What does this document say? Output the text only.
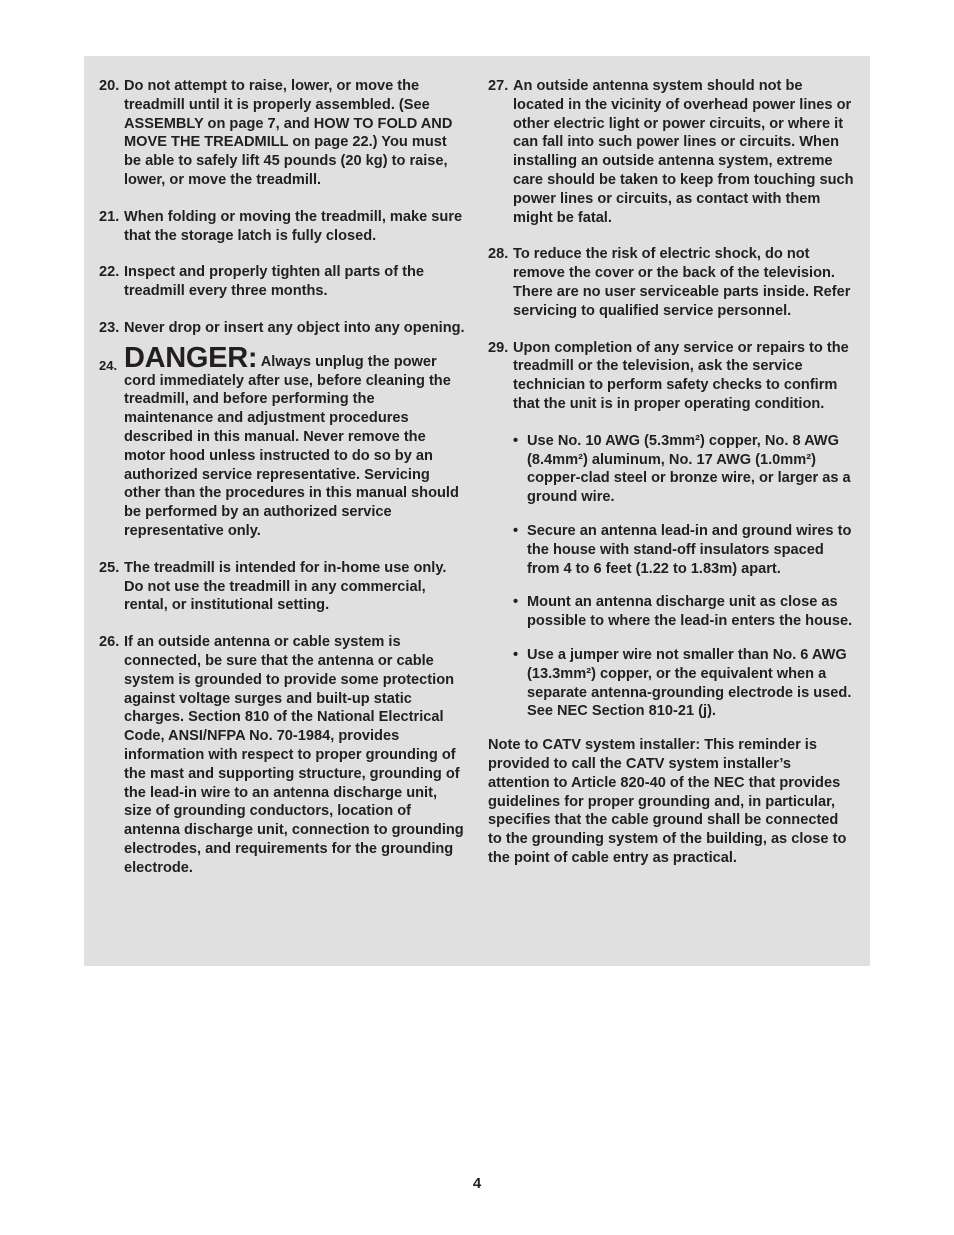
20. Do not attempt to raise, lower, or move the treadmill until it is properly assembled. (See ASSEMBLY on page 7, and HOW TO FOLD AND MOVE THE TREADMILL on page 22.) You must be able to safely lift 45 pounds (20 kg) to raise, lower, or move the treadmill.
21. When folding or moving the treadmill, make sure that the storage latch is fully closed.
22. Inspect and properly tighten all parts of the treadmill every three months.
23. Never drop or insert any object into any opening.
24. DANGER: Always unplug the power cord immediately after use, before cleaning the treadmill, and before performing the maintenance and adjustment procedures described in this manual. Never remove the motor hood unless instructed to do so by an authorized service representative. Servicing other than the procedures in this manual should be performed by an authorized service representative only.
25. The treadmill is intended for in-home use only. Do not use the treadmill in any commercial, rental, or institutional setting.
26. If an outside antenna or cable system is connected, be sure that the antenna or cable system is grounded to provide some protection against voltage surges and built-up static charges. Section 810 of the National Electrical Code, ANSI/NFPA No. 70-1984, provides information with respect to proper grounding of the mast and supporting structure, grounding of the lead-in wire to an antenna discharge unit, size of grounding conductors, location of antenna discharge unit, connection to grounding electrodes, and requirements for the grounding electrode.
27. An outside antenna system should not be located in the vicinity of overhead power lines or other electric light or power circuits, or where it can fall into such power lines or circuits. When installing an outside antenna system, extreme care should be taken to keep from touching such power lines or circuits, as contact with them might be fatal.
28. To reduce the risk of electric shock, do not remove the cover or the back of the television. There are no user serviceable parts inside. Refer servicing to qualified service personnel.
29. Upon completion of any service or repairs to the treadmill or the television, ask the service technician to perform safety checks to confirm that the unit is in proper operating condition.
• Use No. 10 AWG (5.3mm²) copper, No. 8 AWG (8.4mm²) aluminum, No. 17 AWG (1.0mm²) copper-clad steel or bronze wire, or larger as a ground wire.
• Secure an antenna lead-in and ground wires to the house with stand-off insulators spaced from 4 to 6 feet (1.22 to 1.83m) apart.
• Mount an antenna discharge unit as close as possible to where the lead-in enters the house.
• Use a jumper wire not smaller than No. 6 AWG (13.3mm²) copper, or the equivalent when a separate antenna-grounding electrode is used. See NEC Section 810-21 (j).
Note to CATV system installer: This reminder is provided to call the CATV system installer’s attention to Article 820-40 of the NEC that provides guidelines for proper grounding and, in particular, specifies that the cable ground shall be connected to the grounding system of the building, as close to the point of cable entry as practical.
4
